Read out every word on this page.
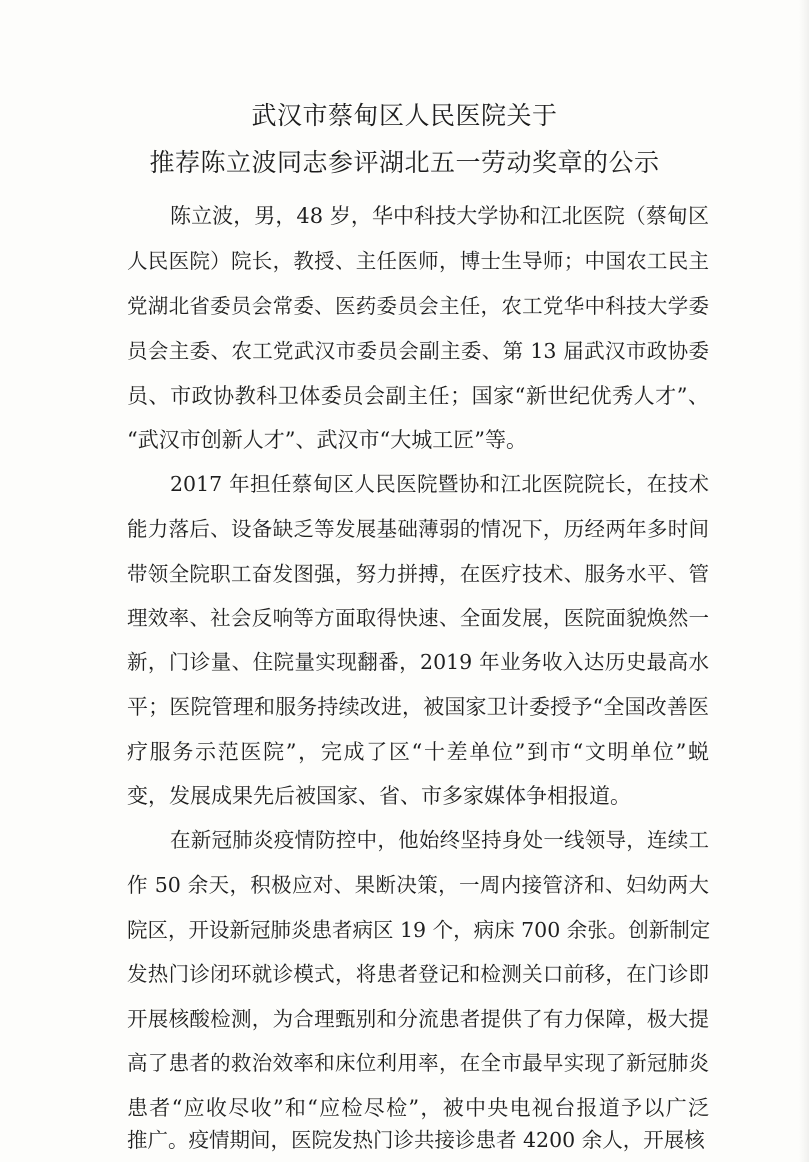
武汉市蔡甸区人民医院关于
推荐陈立波同志参评湖北五一劳动奖章的公示
陈立波，男，48 岁，华中科技大学协和江北医院（蔡甸区
人民医院）院长，教授、主任医师，博士生导师；中国农工民主
党湖北省委员会常委、医药委员会主任，农工党华中科技大学委
员会主委、农工党武汉市委员会副主委、第 13 届武汉市政协委
员、市政协教科卫体委员会副主任；国家“新世纪优秀人才”、
“武汉市创新人才”、武汉市“大城工匠”等。
2017 年担任蔡甸区人民医院暨协和江北医院院长，在技术
能力落后、设备缺乏等发展基础薄弱的情况下，历经两年多时间
带领全院职工奋发图强，努力拼搏，在医疗技术、服务水平、管
理效率、社会反响等方面取得快速、全面发展，医院面貌焕然一
新，门诊量、住院量实现翻番，2019 年业务收入达历史最高水
平；医院管理和服务持续改进，被国家卫计委授予“全国改善医
疗服务示范医院”，完成了区“十差单位”到市“文明单位”蜕
变，发展成果先后被国家、省、市多家媒体争相报道。
在新冠肺炎疫情防控中，他始终坚持身处一线领导，连续工
作 50 余天，积极应对、果断决策，一周内接管济和、妇幼两大
院区，开设新冠肺炎患者病区 19 个，病床 700 余张。创新制定
发热门诊闭环就诊模式，将患者登记和检测关口前移，在门诊即
开展核酸检测，为合理甄别和分流患者提供了有力保障，极大提
高了患者的救治效率和床位利用率，在全市最早实现了新冠肺炎
患者“应收尽收”和“应检尽检”，被中央电视台报道予以广泛
推广。疫情期间，医院发热门诊共接诊患者 4200 余人，开展核
